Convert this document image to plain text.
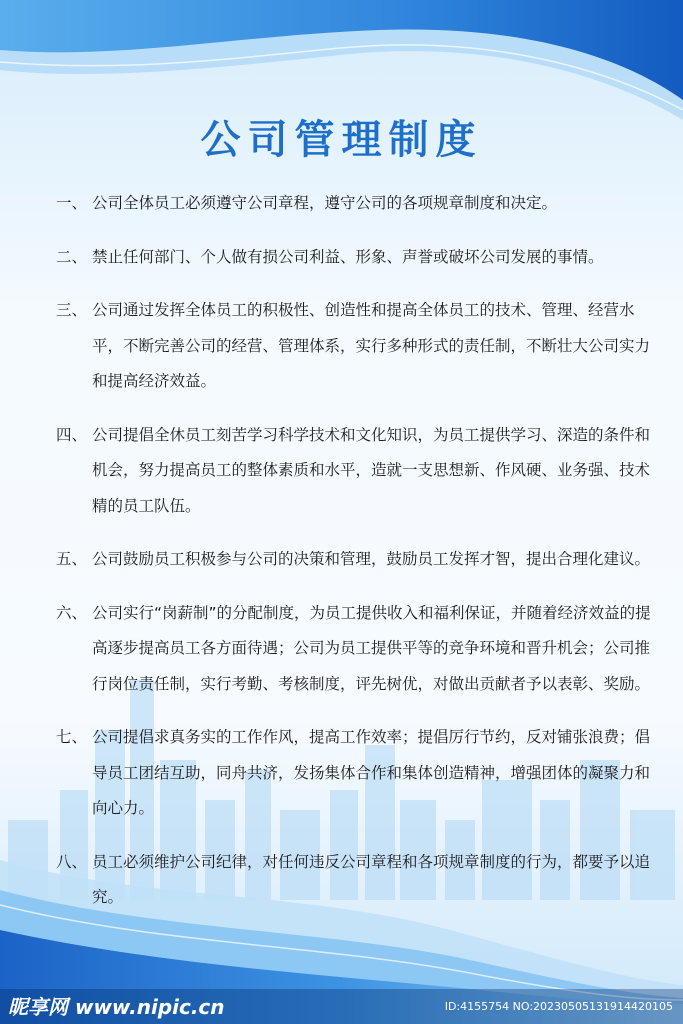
公司管理制度
一、 公司全体员工必须遵守公司章程，遵守公司的各项规章制度和决定。
二、 禁止任何部门、个人做有损公司利益、形象、声誉或破坏公司发展的事情。
三、 公司通过发挥全体员工的积极性、创造性和提高全体员工的技术、管理、经营水平，不断完善公司的经营、管理体系，实行多种形式的责任制，不断壮大公司实力和提高经济效益。
四、 公司提倡全休员工刻苦学习科学技术和文化知识，为员工提供学习、深造的条件和机会，努力提高员工的整体素质和水平，造就一支思想新、作风硬、业务强、技术精的员工队伍。
五、 公司鼓励员工积极参与公司的决策和管理，鼓励员工发挥才智，提出合理化建议。
六、 公司实行“岗薪制”的分配制度，为员工提供收入和福利保证，并随着经济效益的提高逐步提高员工各方面待遇；公司为员工提供平等的竞争环境和晋升机会；公司推行岗位责任制，实行考勤、考核制度，评先树优，对做出贡献者予以表彰、奖励。
七、 公司提倡求真务实的工作作风，提高工作效率；提倡厉行节约，反对铺张浪费；倡导员工团结互助，同舟共济，发扬集体合作和集体创造精神，增强团体的凝聚力和向心力。
八、 员工必须维护公司纪律，对任何违反公司章程和各项规章制度的行为，都要予以追究。
昵享网 www.nipic.cn	ID:4155754 NO:20230505131914420105
